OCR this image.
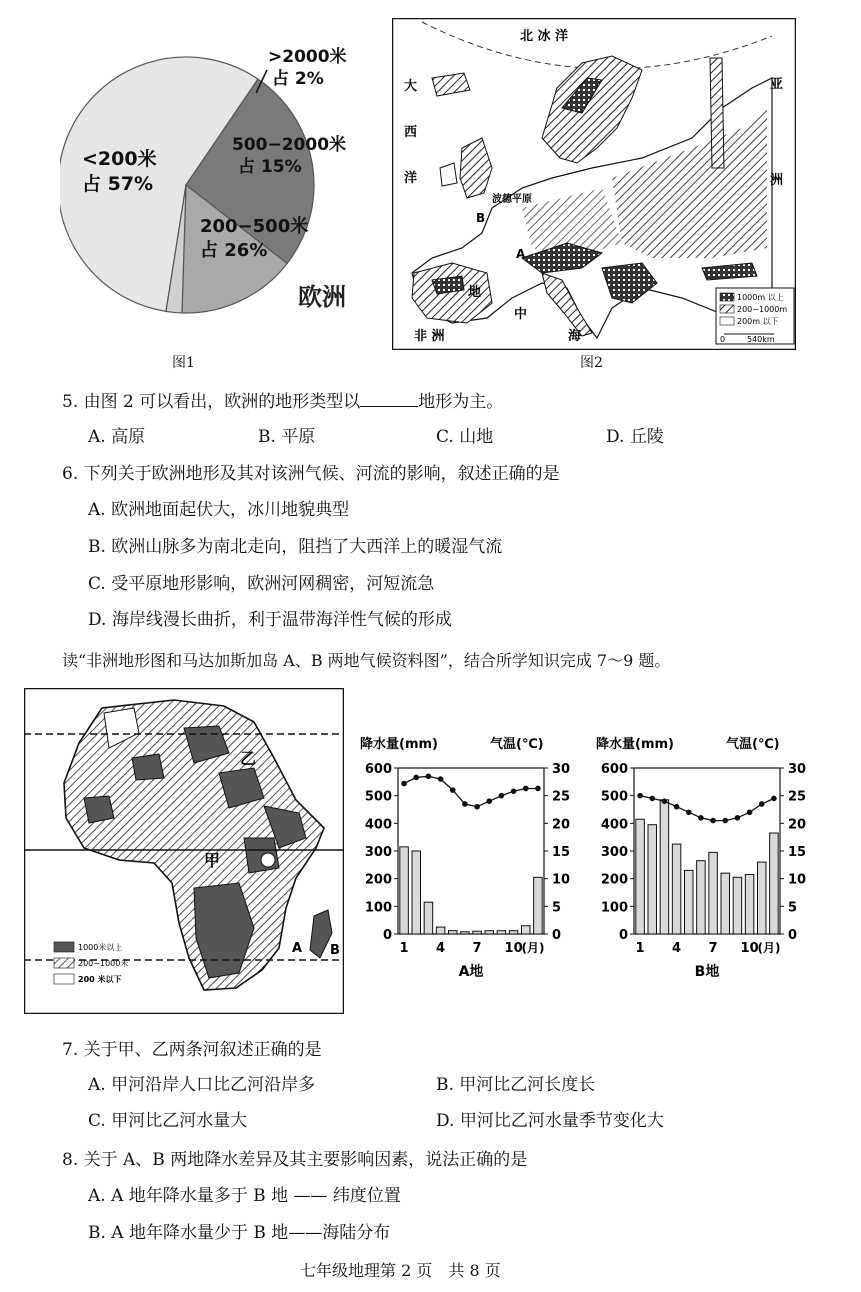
<200米
占 57%
200−500米
占 26%
500−2000米
占 15%
>2000米
占 2%
欧洲
图1
北 冰 洋
大
西
洋
亚
洲
非 洲
地
中
海
波德平原
A
B
1000m 以上
200−1000m
200m 以下
0	540km
图2
5. 由图 2 可以看出，欧洲的地形类型以	地形为主。
A. 高原	B. 平原	C. 山地	D. 丘陵
6. 下列关于欧洲地形及其对该洲气候、河流的影响，叙述正确的是
A. 欧洲地面起伏大，冰川地貌典型
B. 欧洲山脉多为南北走向，阻挡了大西洋上的暖湿气流
C. 受平原地形影响，欧洲河网稠密，河短流急
D. 海岸线漫长曲折，利于温带海洋性气候的形成
读“非洲地形图和马达加斯加岛 A、B 两地气候资料图”，结合所学知识完成 7～9 题。
甲
乙
A B
1000米以上
200−1000米
200 米以下
降水量(mm)	气温(℃)
0
100
200
300
400
500
600
0
5
10
15
20
25
30
1 4 7 10
(月)
A地
降水量(mm)	气温(℃)
0
100
200
300
400
500
600
0
5
10
15
20
25
30
1 4 7 10
(月)
B地
7. 关于甲、乙两条河叙述正确的是
A. 甲河沿岸人口比乙河沿岸多	B. 甲河比乙河长度长
C. 甲河比乙河水量大	D. 甲河比乙河水量季节变化大
8. 关于 A、B 两地降水差异及其主要影响因素，说法正确的是
A. A 地年降水量多于 B 地 —— 纬度位置
B. A 地年降水量少于 B 地——海陆分布
七年级地理第 2 页　共 8 页
